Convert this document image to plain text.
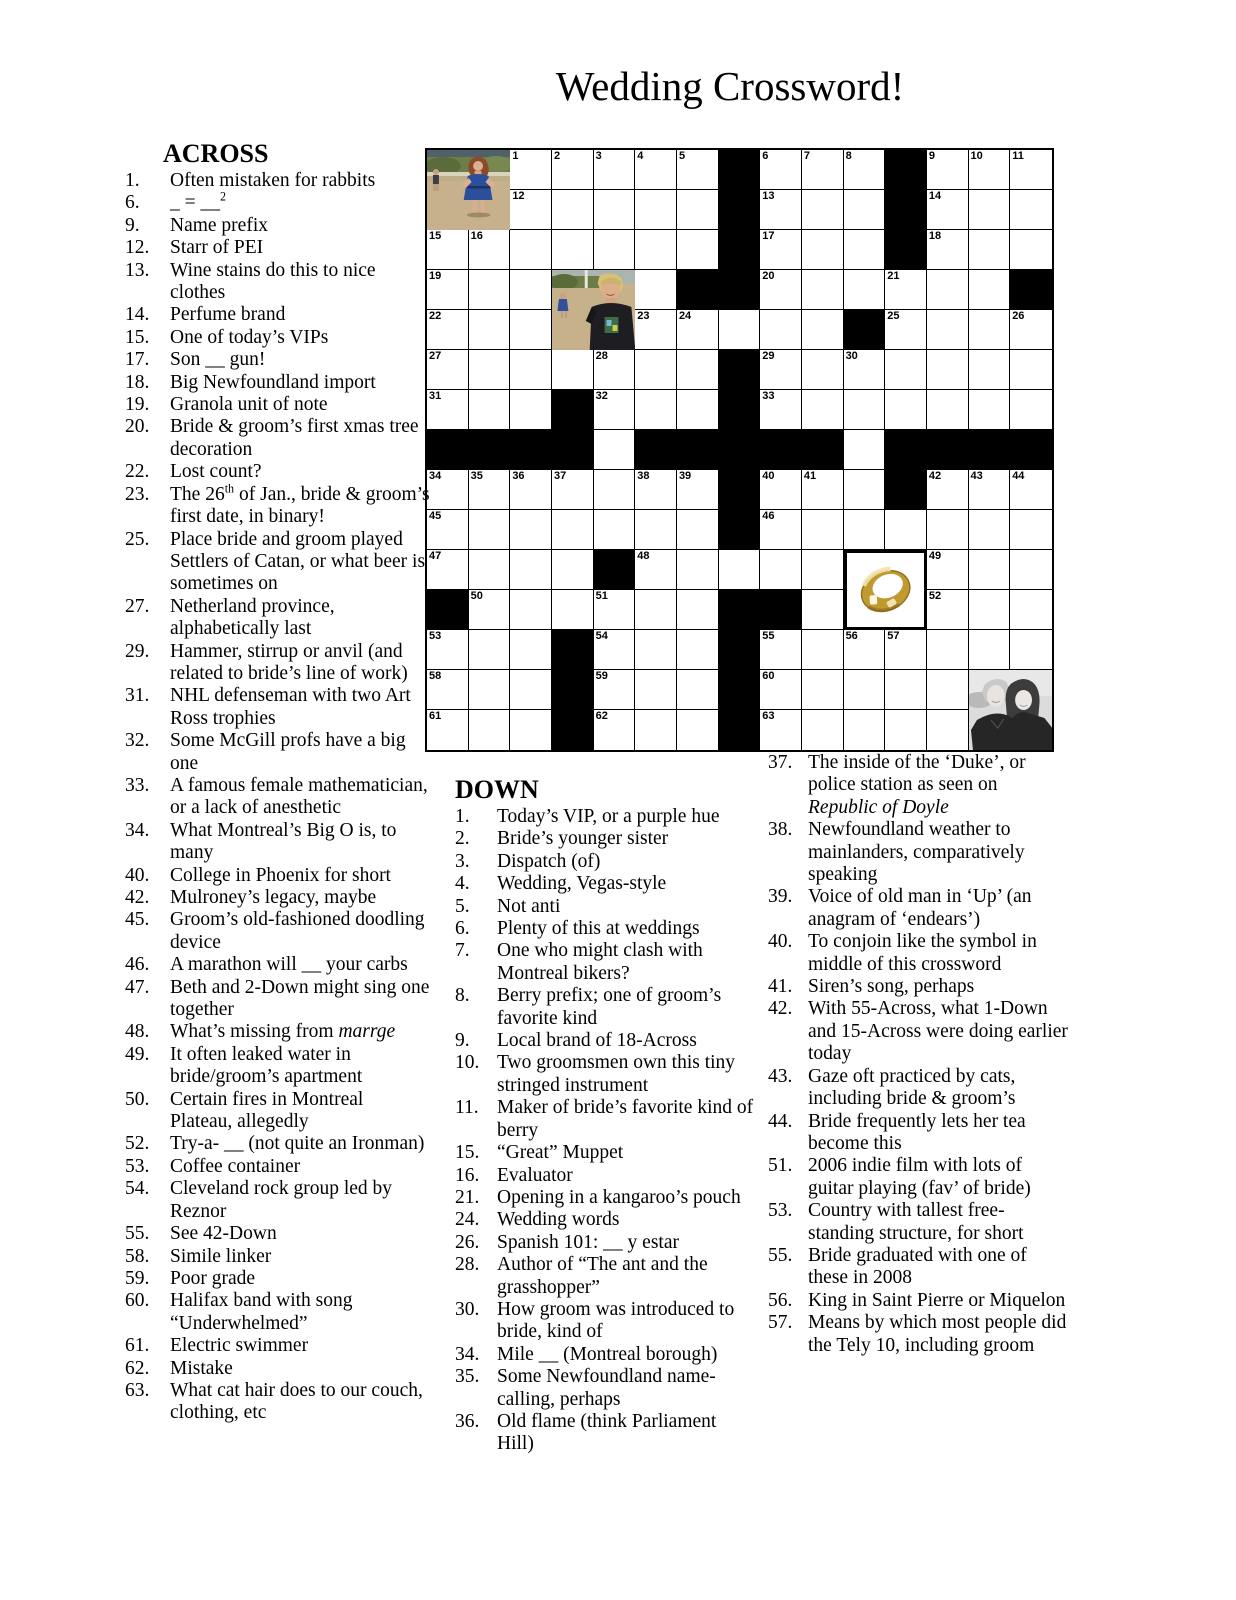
Wedding Crossword!
1	2	3	4	5	6	7	8	9	10	11
12	13	14
15	16	17	18
19	20	21
22	23	24	25	26
27	28	29	30
31	32	33
34	35	36	37	38	39	40	41	42	43	44
45	46
47	48	49
50	51	52
53	54	55	56	57
58	59	60
61	62	63
ACROSS
1.	Often mistaken for rabbits
6.	_ = __$^2$
9.	Name prefix
12.	Starr of PEI
13.	Wine stains do this to nice clothes
14.	Perfume brand
15.	One of today’s VIPs
17.	Son __ gun!
18.	Big Newfoundland import
19.	Granola unit of note
20.	Bride & groom’s first xmas tree decoration
22.	Lost count?
23.	The 26th of Jan., bride & groom’s first date, in binary!
25.	Place bride and groom played Settlers of Catan, or what beer is sometimes on
27.	Netherland province, alphabetically last
29.	Hammer, stirrup or anvil (and related to bride’s line of work)
31.	NHL defenseman with two Art Ross trophies
32.	Some McGill profs have a big one
33.	A famous female mathematician, or a lack of anesthetic
34.	What Montreal’s Big O is, to many
40.	College in Phoenix for short
42.	Mulroney’s legacy, maybe
45.	Groom’s old-fashioned doodling device
46.	A marathon will __ your carbs
47.	Beth and 2-Down might sing one together
48.	What’s missing from marrge
49.	It often leaked water in bride/groom’s apartment
50.	Certain fires in Montreal Plateau, allegedly
52.	Try-a- __ (not quite an Ironman)
53.	Coffee container
54.	Cleveland rock group led by Reznor
55.	See 42-Down
58.	Simile linker
59.	Poor grade
60.	Halifax band with song “Underwhelmed”
61.	Electric swimmer
62.	Mistake
63.	What cat hair does to our couch, clothing, etc
DOWN
1.	Today’s VIP, or a purple hue
2.	Bride’s younger sister
3.	Dispatch (of)
4.	Wedding, Vegas-style
5.	Not anti
6.	Plenty of this at weddings
7.	One who might clash with Montreal bikers?
8.	Berry prefix; one of groom’s favorite kind
9.	Local brand of 18-Across
10. Two groomsmen own this tiny stringed instrument
11. Maker of bride’s favorite kind of berry
15. “Great” Muppet
16. Evaluator
21. Opening in a kangaroo’s pouch
24. Wedding words
26. Spanish 101: __ y estar
28. Author of “The ant and the grasshopper”
30. How groom was introduced to bride, kind of
34. Mile __ (Montreal borough)
35. Some Newfoundland name-calling, perhaps
36. Old flame (think Parliament Hill)
37. The inside of the ‘Duke’, or police station as seen on Republic of Doyle
38. Newfoundland weather to mainlanders, comparatively speaking
39. Voice of old man in ‘Up’ (an anagram of ‘endears’)
40. To conjoin like the symbol in middle of this crossword
41. Siren’s song, perhaps
42. With 55-Across, what 1-Down and 15-Across were doing earlier today
43. Gaze oft practiced by cats, including bride & groom’s
44. Bride frequently lets her tea become this
51. 2006 indie film with lots of guitar playing (fav’ of bride)
53. Country with tallest free-standing structure, for short
55. Bride graduated with one of these in 2008
56. King in Saint Pierre or Miquelon
57. Means by which most people did the Tely 10, including groom
